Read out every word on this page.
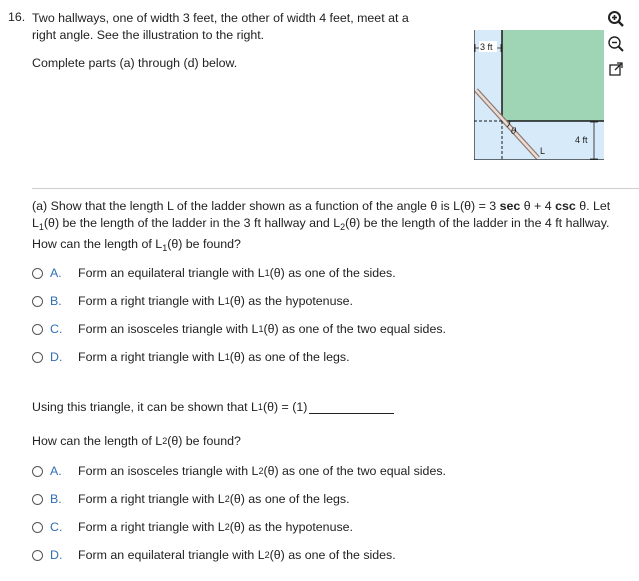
16. Two hallways, one of width 3 feet, the other of width 4 feet, meet at a
right angle. See the illustration to the right.
Complete parts (a) through (d) below.
θ
L
3 ft
4 ft
(a) Show that the length L of the ladder shown as a function of the angle θ is L(θ) = 3 sec θ + 4 csc θ. Let
$L_1(\theta)$ be the length of the ladder in the 3 ft hallway and $L_2(\theta)$ be the length of the ladder in the 4 ft hallway.
How can the length of $L_1(\theta)$ be found?
A.	Form an equilateral triangle with L 1 (θ) as one of the sides.
B.	Form a right triangle with L 1 (θ) as the hypotenuse.
C.	Form an isosceles triangle with L 1 (θ) as one of the two equal sides.
D.	Form a right triangle with L 1 (θ) as one of the legs.
Using this triangle, it can be shown that L 1 (θ) =
(1)
How can the length of L 2 (θ) be found?
A.	Form an isosceles triangle with L 2 (θ) as one of the two equal sides.
B.	Form a right triangle with L 2 (θ) as one of the legs.
C.	Form a right triangle with L 2 (θ) as the hypotenuse.
D.	Form an equilateral triangle with L 2 (θ) as one of the sides.
